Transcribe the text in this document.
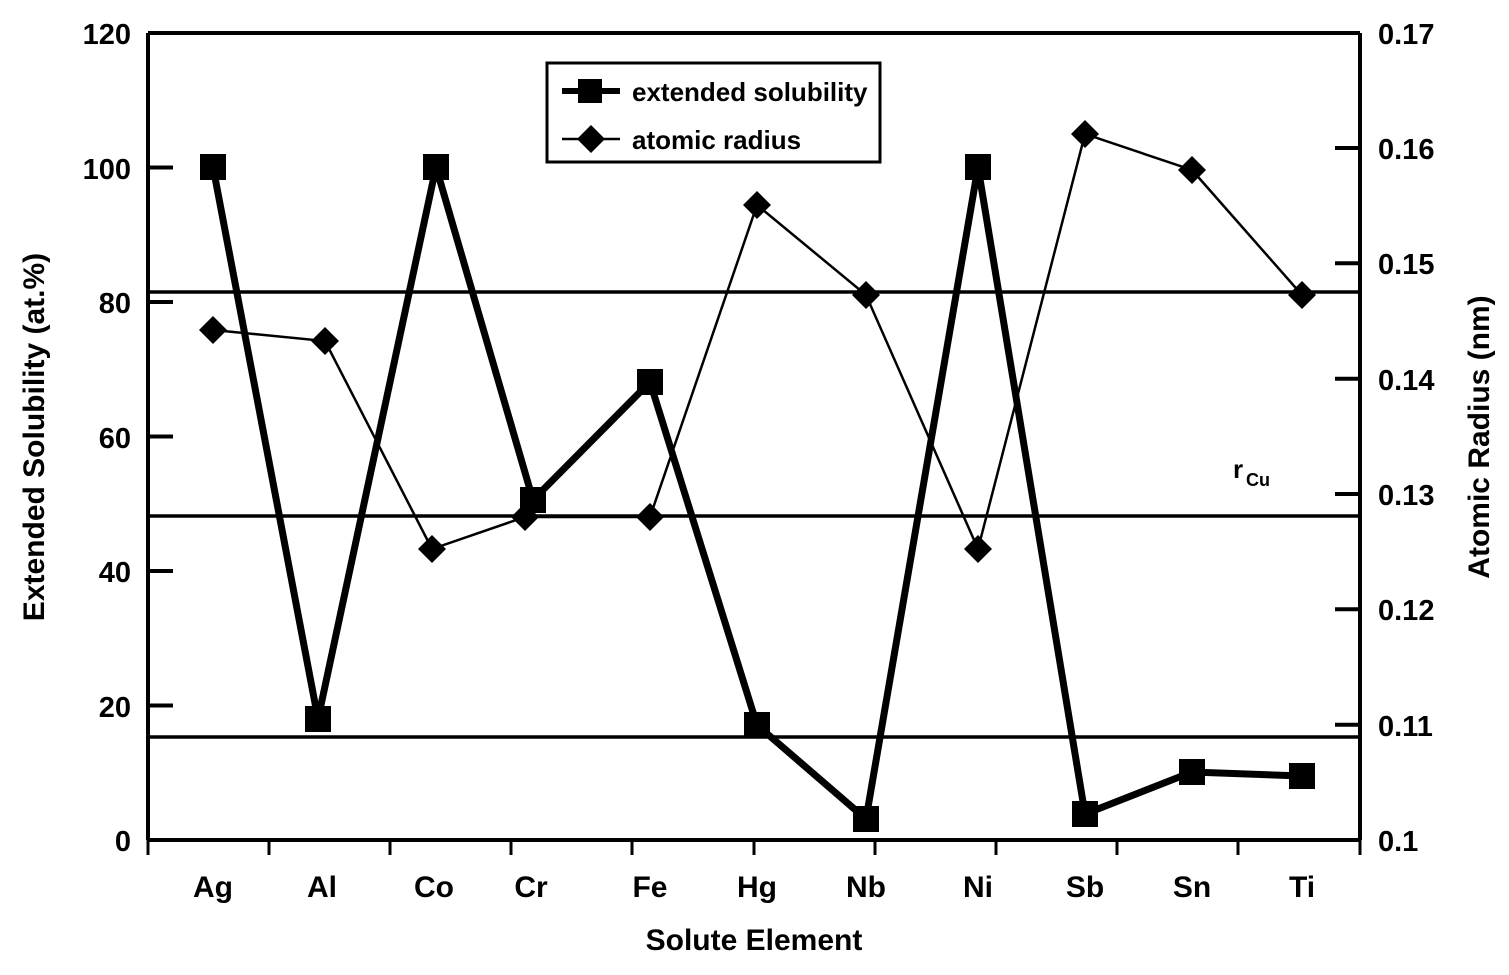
extended solubility
atomic radius
r Cu
0
20
40
60
80
100
120
0.1
0.11
0.12
0.13
0.14
0.15
0.16
0.17
Ag Al	Co Cr	Fe Hg Nb	Ni Sb Sn	Ti
Solute Element
Extended Solubility (at.%)	Atomic Radius (nm)
